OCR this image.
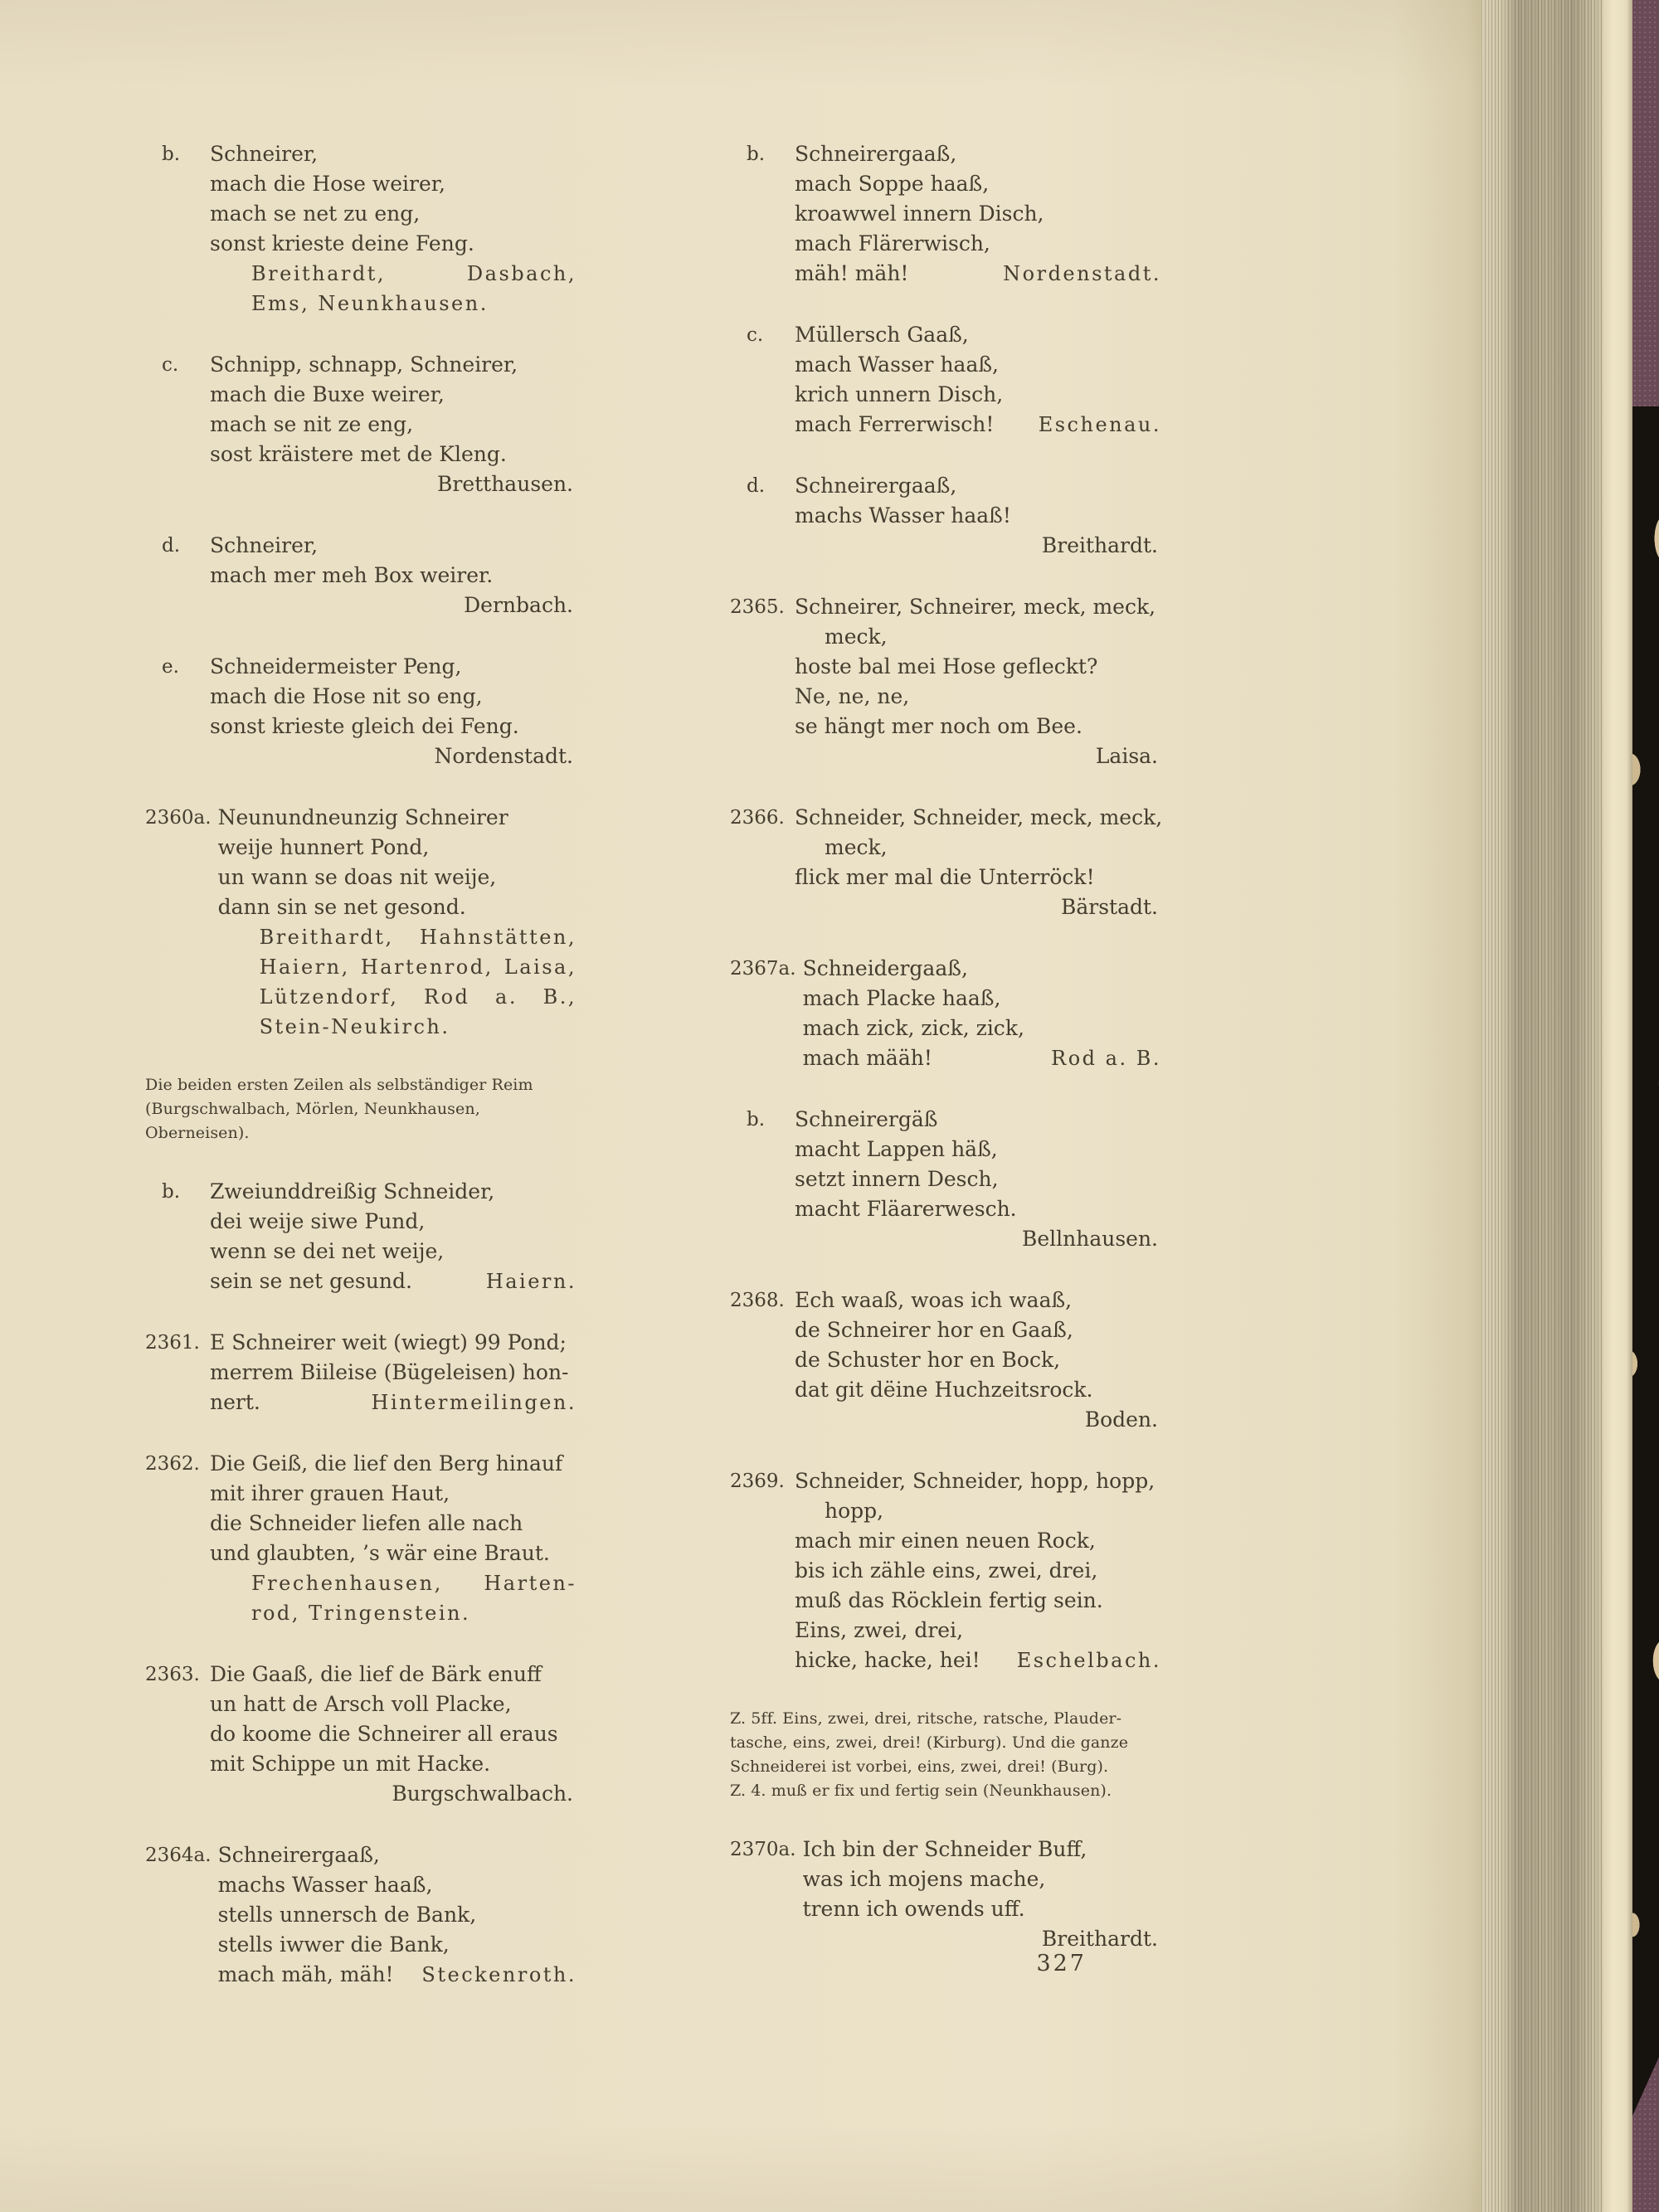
b.	Schneirer,
mach die Hose weirer,
mach se net zu eng,
sonst krieste deine Feng.
Breithardt,	Dasbach,
Ems, Neunkhausen.
c.	Schnipp, schnapp, Schneirer,
mach die Buxe weirer,
mach se nit ze eng,
sost kräistere met de Kleng.
Bretthausen.
d.	Schneirer,
mach mer meh Box weirer.
Dernbach.
e.	Schneidermeister Peng,
mach die Hose nit so eng,
sonst krieste gleich dei Feng.
Nordenstadt.
2360a. Neunundneunzig Schneirer
weije hunnert Pond,
un wann se doas nit weije,
dann sin se net gesond.
Breithardt, Hahnstätten,
Haiern, Hartenrod, Laisa,
Lützendorf, Rod a. B.,
Stein-Neukirch.
Die beiden ersten Zeilen als selbständiger Reim
(Burgschwalbach, Mörlen, Neunkhausen,
Oberneisen).
b.	Zweiunddreißig Schneider,
dei weije siwe Pund,
wenn se dei net weije,
sein se net gesund.	Haiern.
2361. E Schneirer weit (wiegt) 99 Pond;
merrem Biileise (Bügeleisen) hon-
nert.	Hintermeilingen.
2362. Die Geiß, die lief den Berg hinauf
mit ihrer grauen Haut,
die Schneider liefen alle nach
und glaubten, ’s wär eine Braut.
Frechenhausen, Harten-
rod, Tringenstein.
2363. Die Gaaß, die lief de Bärk enuff
un hatt de Arsch voll Placke,
do koome die Schneirer all eraus
mit Schippe un mit Hacke.
Burgschwalbach.
2364a. Schneirergaaß,
machs Wasser haaß,
stells unnersch de Bank,
stells iwwer die Bank,
mach mäh, mäh! Steckenroth.
b.	Schneirergaaß,
mach Soppe haaß,
kroawwel innern Disch,
mach Flärerwisch,
mäh! mäh!	Nordenstadt.
c.	Müllersch Gaaß,
mach Wasser haaß,
krich unnern Disch,
mach Ferrerwisch! Eschenau.
d.	Schneirergaaß,
machs Wasser haaß!
Breithardt.
2365. Schneirer, Schneirer, meck, meck,
meck,
hoste bal mei Hose gefleckt?
Ne, ne, ne,
se hängt mer noch om Bee.
Laisa.
2366. Schneider, Schneider, meck, meck,
meck,
flick mer mal die Unterröck!
Bärstadt.
2367a. Schneidergaaß,
mach Placke haaß,
mach zick, zick, zick,
mach määh!	Rod a. B.
b.	Schneirergäß
macht Lappen häß,
setzt innern Desch,
macht Fläarerwesch.
Bellnhausen.
2368. Ech waaß, woas ich waaß,
de Schneirer hor en Gaaß,
de Schuster hor en Bock,
dat git dëine Huchzeitsrock.
Boden.
2369. Schneider, Schneider, hopp, hopp,
hopp,
mach mir einen neuen Rock,
bis ich zähle eins, zwei, drei,
muß das Röcklein fertig sein.
Eins, zwei, drei,
hicke, hacke, hei! Eschelbach.
Z. 5ff. Eins, zwei, drei, ritsche, ratsche, Plauder-
tasche, eins, zwei, drei! (Kirburg). Und die ganze
Schneiderei ist vorbei, eins, zwei, drei! (Burg).
Z. 4. muß er fix und fertig sein (Neunkhausen).
2370a. Ich bin der Schneider Buff,
was ich mojens mache,
trenn ich owends uff.
Breithardt.
327
